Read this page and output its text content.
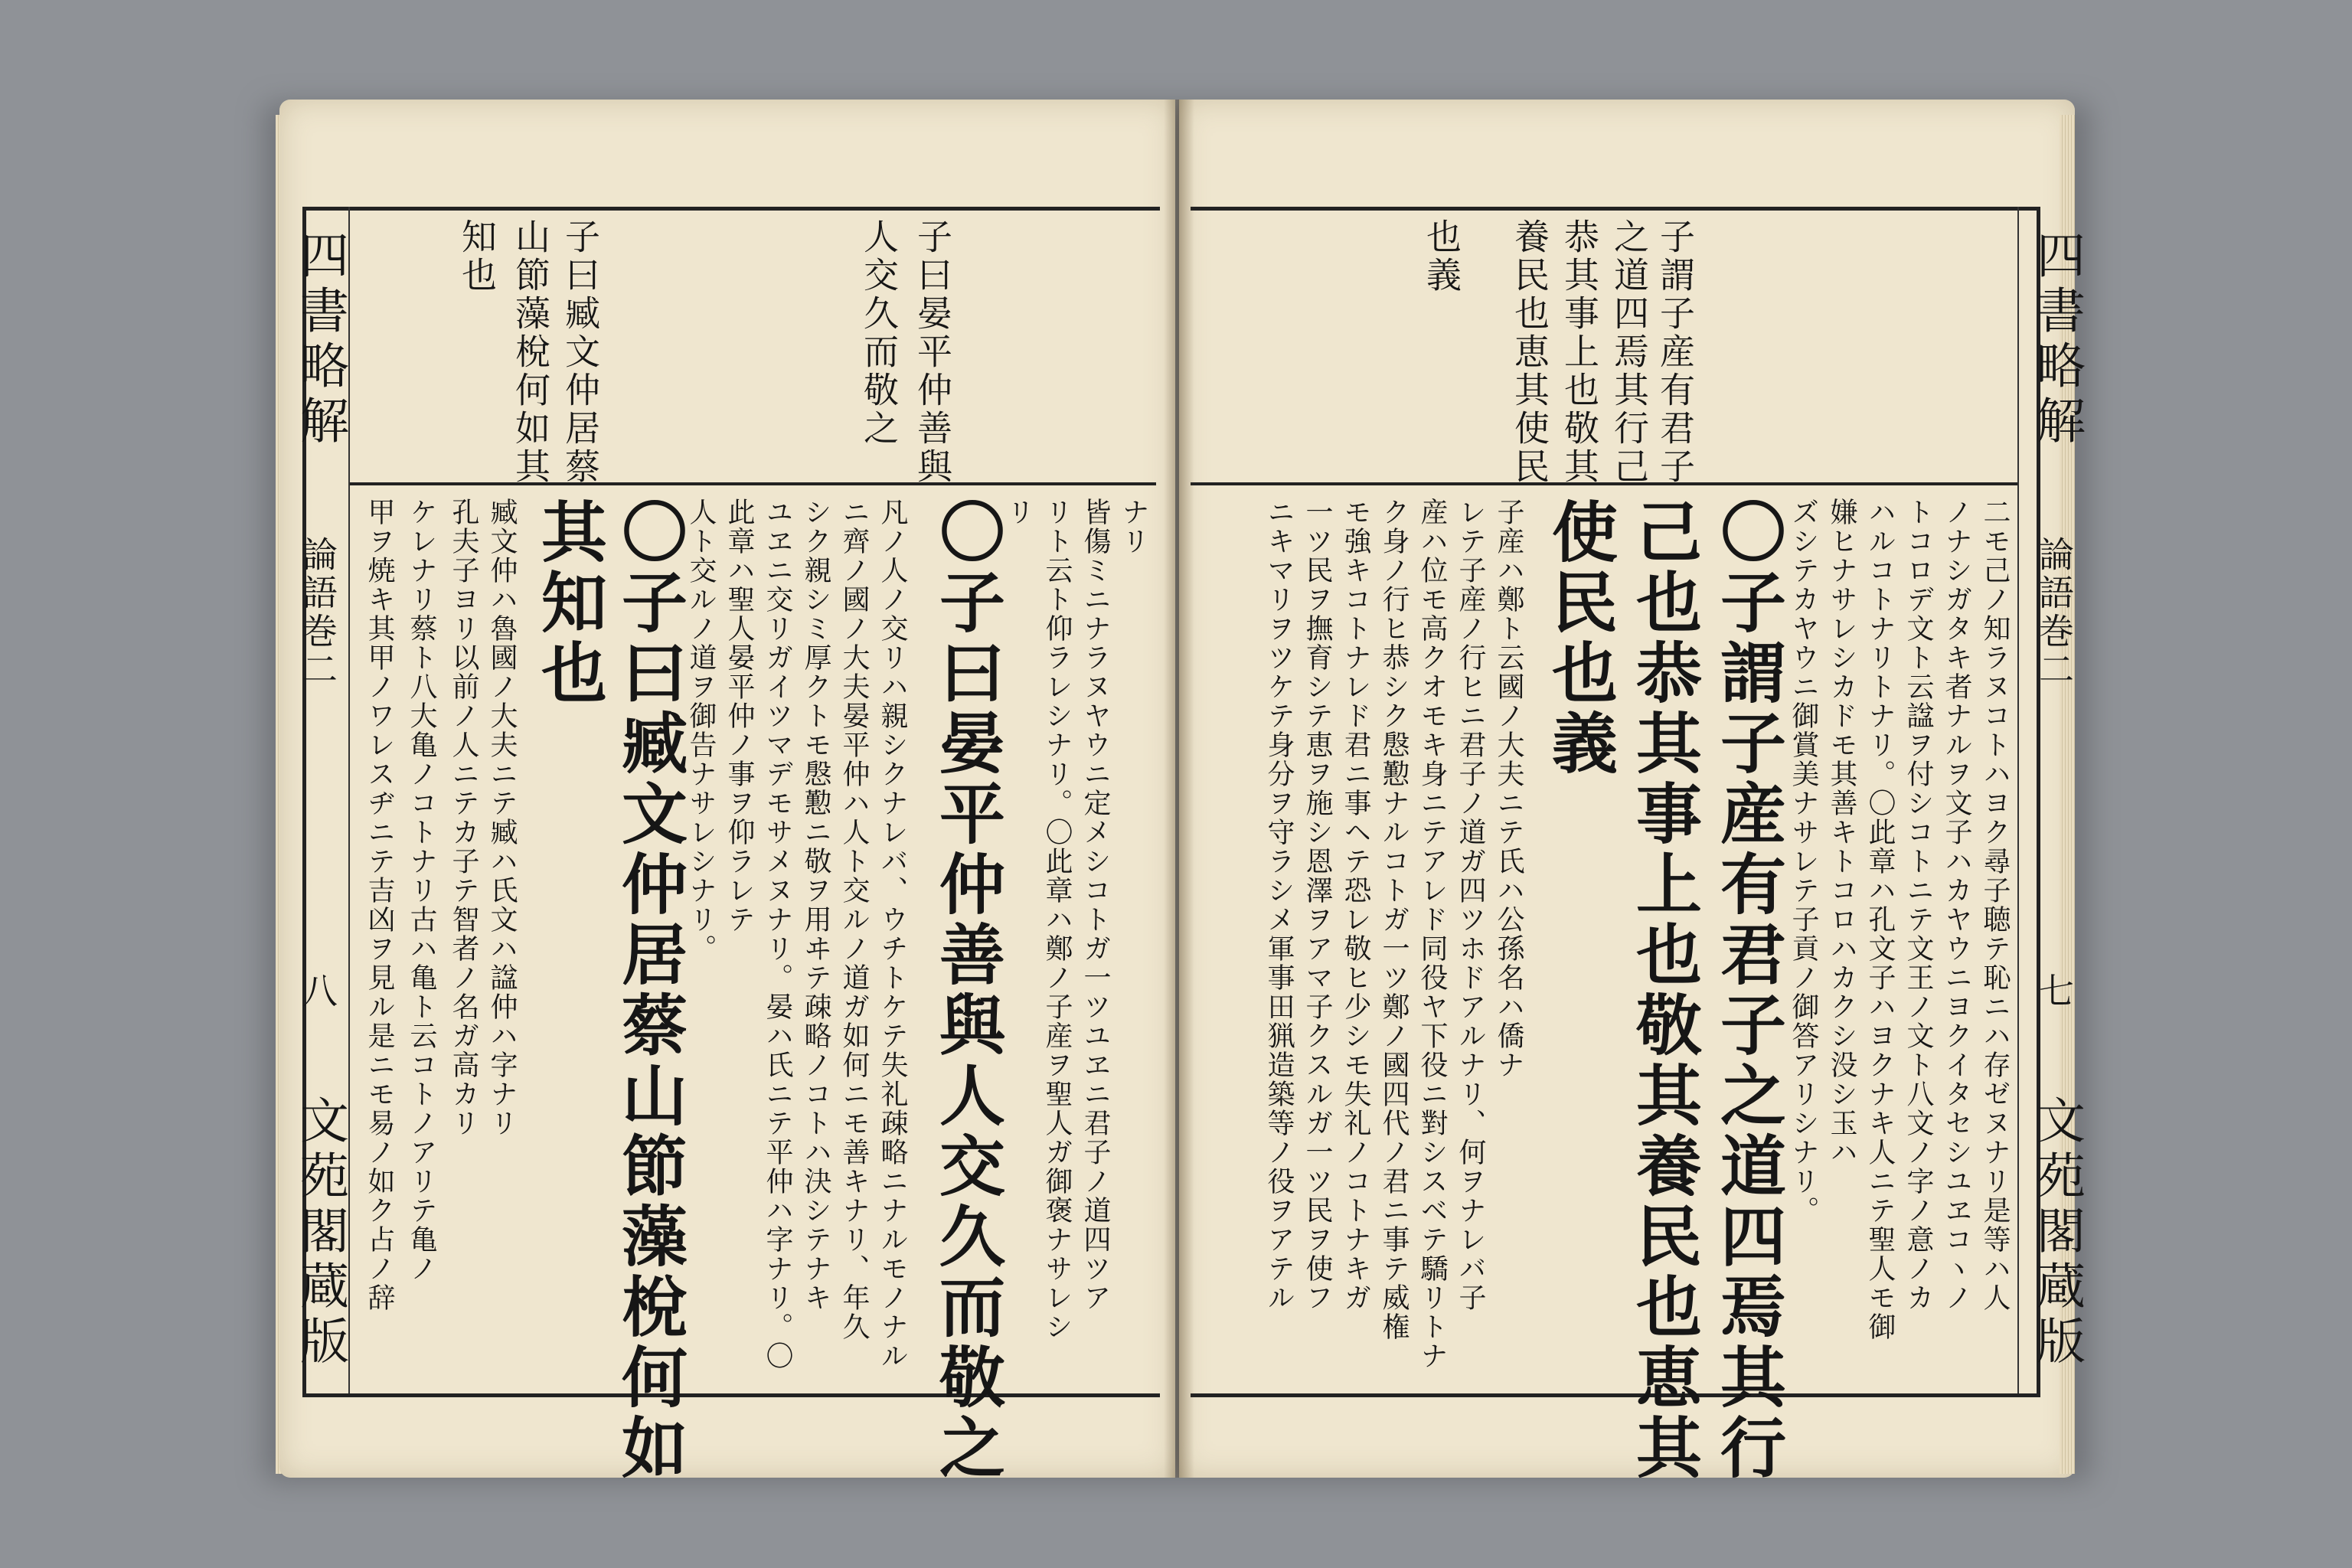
四書略解
論語巻二
八
文苑閣蔵版
子曰晏平仲善與
人交久而敬之
子曰臧文仲居蔡
山節藻梲何如其
知也
ナリ
皆傷ミニナラヌヤウニ定メシコトガ一ツユヱニ君子ノ道四ツア
リト云ト仰ラレシナリ。〇此章ハ鄭ノ子産ヲ聖人ガ御褒ナサレシ
リ
〇子曰晏平仲善與人交久而敬之
凡ノ人ノ交リハ親シクナレバ、ウチトケテ失礼疎略ニナルモノナル
ニ齊ノ國ノ大夫晏平仲ハ人ト交ルノ道ガ如何ニモ善キナリ、年久
シク親シミ厚クトモ慇懃ニ敬ヲ用ヰテ疎略ノコトハ決シテナキ
ユヱニ交リガイツマデモサメヌナリ。晏ハ氏ニテ平仲ハ字ナリ。〇
此章ハ聖人晏平仲ノ事ヲ仰ラレテ
人ト交ルノ道ヲ御告ナサレシナリ。
〇子曰臧文仲居蔡山節藻梲何如
其知也
臧文仲ハ魯國ノ大夫ニテ臧ハ氏文ハ諡仲ハ字ナリ
孔夫子ヨリ以前ノ人ニテカ子テ智者ノ名ガ高カリ
ケレナリ蔡ト八大亀ノコトナリ古ハ亀ト云コトノアリテ亀ノ
甲ヲ焼キ其甲ノワレスヂニテ吉凶ヲ見ル是ニモ易ノ如ク占ノ辞
四書略解
論語巻二
七
文苑閣蔵版
子謂子産有君子
之道四焉其行己
恭其事上也敬其
養民也恵其使民
也義
二モ己ノ知ラヌコトハヨク尋子聴テ恥ニハ存ゼヌナリ是等ハ人
ノナシガタキ者ナルヲ文子ハカヤウニヨクイタセシユヱコヽノ
トコロデ文ト云諡ヲ付シコトニテ文王ノ文ト八文ノ字ノ意ノカ
ハルコトナリトナリ。〇此章ハ孔文子ハヨクナキ人ニテ聖人モ御
嫌ヒナサレシカドモ其善キトコロハカクシ没シ玉ハ
ズシテカヤウニ御賞美ナサレテ子貢ノ御答アリシナリ。
〇子謂子産有君子之道四焉其行
己也恭其事上也敬其養民也恵其
使民也義
子産ハ鄭ト云國ノ大夫ニテ氏ハ公孫名ハ僑ナ
レテ子産ノ行ヒニ君子ノ道ガ四ツホドアルナリ、何ヲナレバ子
産ハ位モ高クオモキ身ニテアレド同役ヤ下役ニ對シスベテ驕リトナ
ク身ノ行ヒ恭シク慇懃ナルコトガ一ツ鄭ノ國四代ノ君ニ事テ威権
モ強キコトナレド君ニ事ヘテ恐レ敬ヒ少シモ失礼ノコトナキガ
一ツ民ヲ撫育シテ恵ヲ施シ恩澤ヲアマ子クスルガ一ツ民ヲ使フ
ニキマリヲツケテ身分ヲ守ラシメ軍事田猟造築等ノ役ヲアテル
